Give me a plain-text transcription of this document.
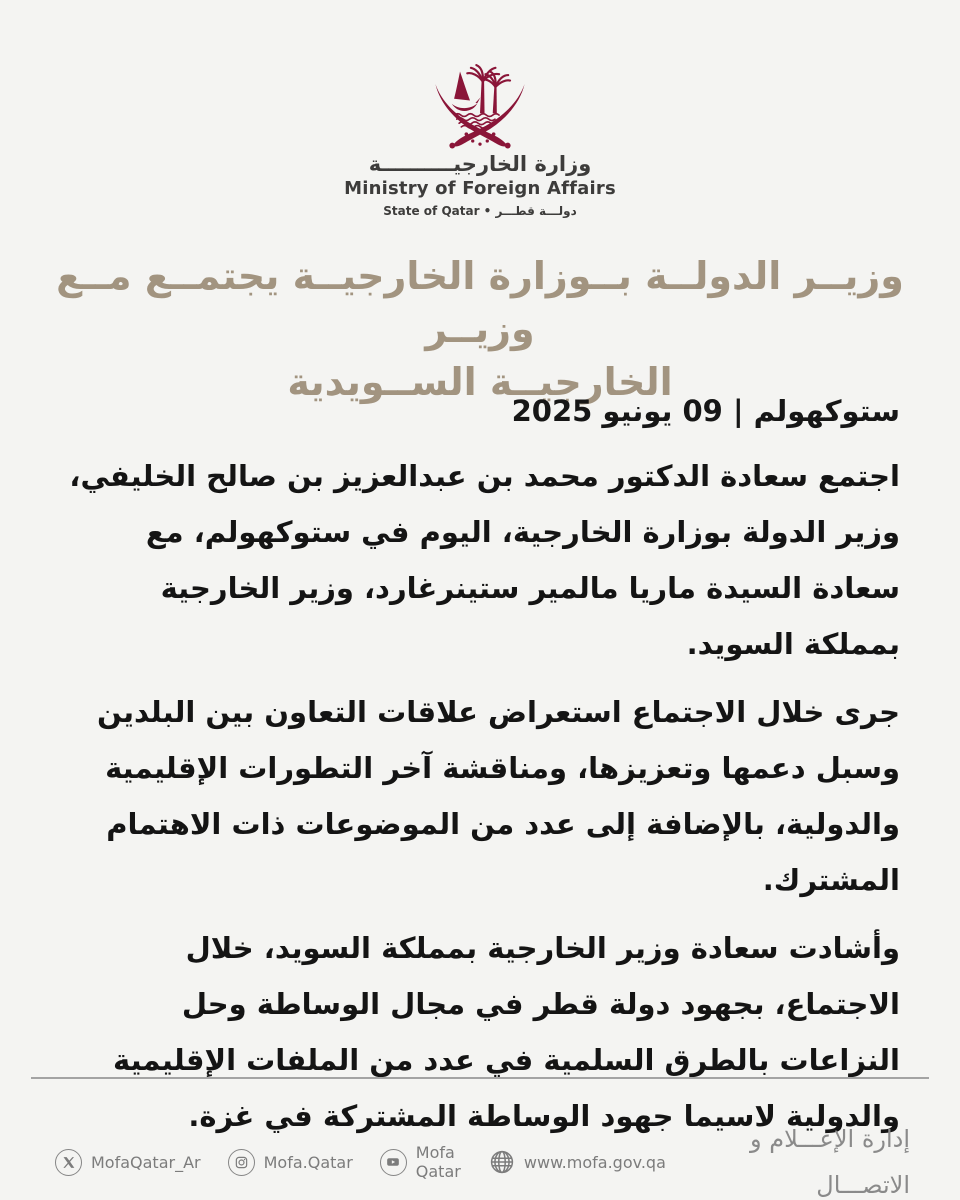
وزارة الخارجيــــــــــة
Ministry of Foreign Affairs
دولـــة قطـــر • State of Qatar
وزيــر الدولــة بــوزارة الخارجيــة يجتمــع مــع وزيــر
الخارجيــة الســويدية
ستوكهولم | 09 يونيو 2025

اجتمع سعادة الدكتور محمد بن عبدالعزيز بن صالح الخليفي، وزير الدولة بوزارة الخارجية، اليوم في ستوكهولم، مع سعادة السيدة ماريا مالمير ستينرغارد، وزير الخارجية بمملكة السويد.

جرى خلال الاجتماع استعراض علاقات التعاون بين البلدين وسبل دعمها وتعزيزها، ومناقشة آخر التطورات الإقليمية والدولية، بالإضافة إلى عدد من الموضوعات ذات الاهتمام المشترك.

وأشادت سعادة وزير الخارجية بمملكة السويد، خلال الاجتماع، بجهود دولة قطر في مجال الوساطة وحل النزاعات بالطرق السلمية في عدد من الملفات الإقليمية والدولية لاسيما جهود الوساطة المشتركة في غزة.

MofaQatar_Ar	Mofa.Qatar	Mofa Qatar	www.mofa.gov.qa
إدارة الإعـــلام و الاتصـــال
